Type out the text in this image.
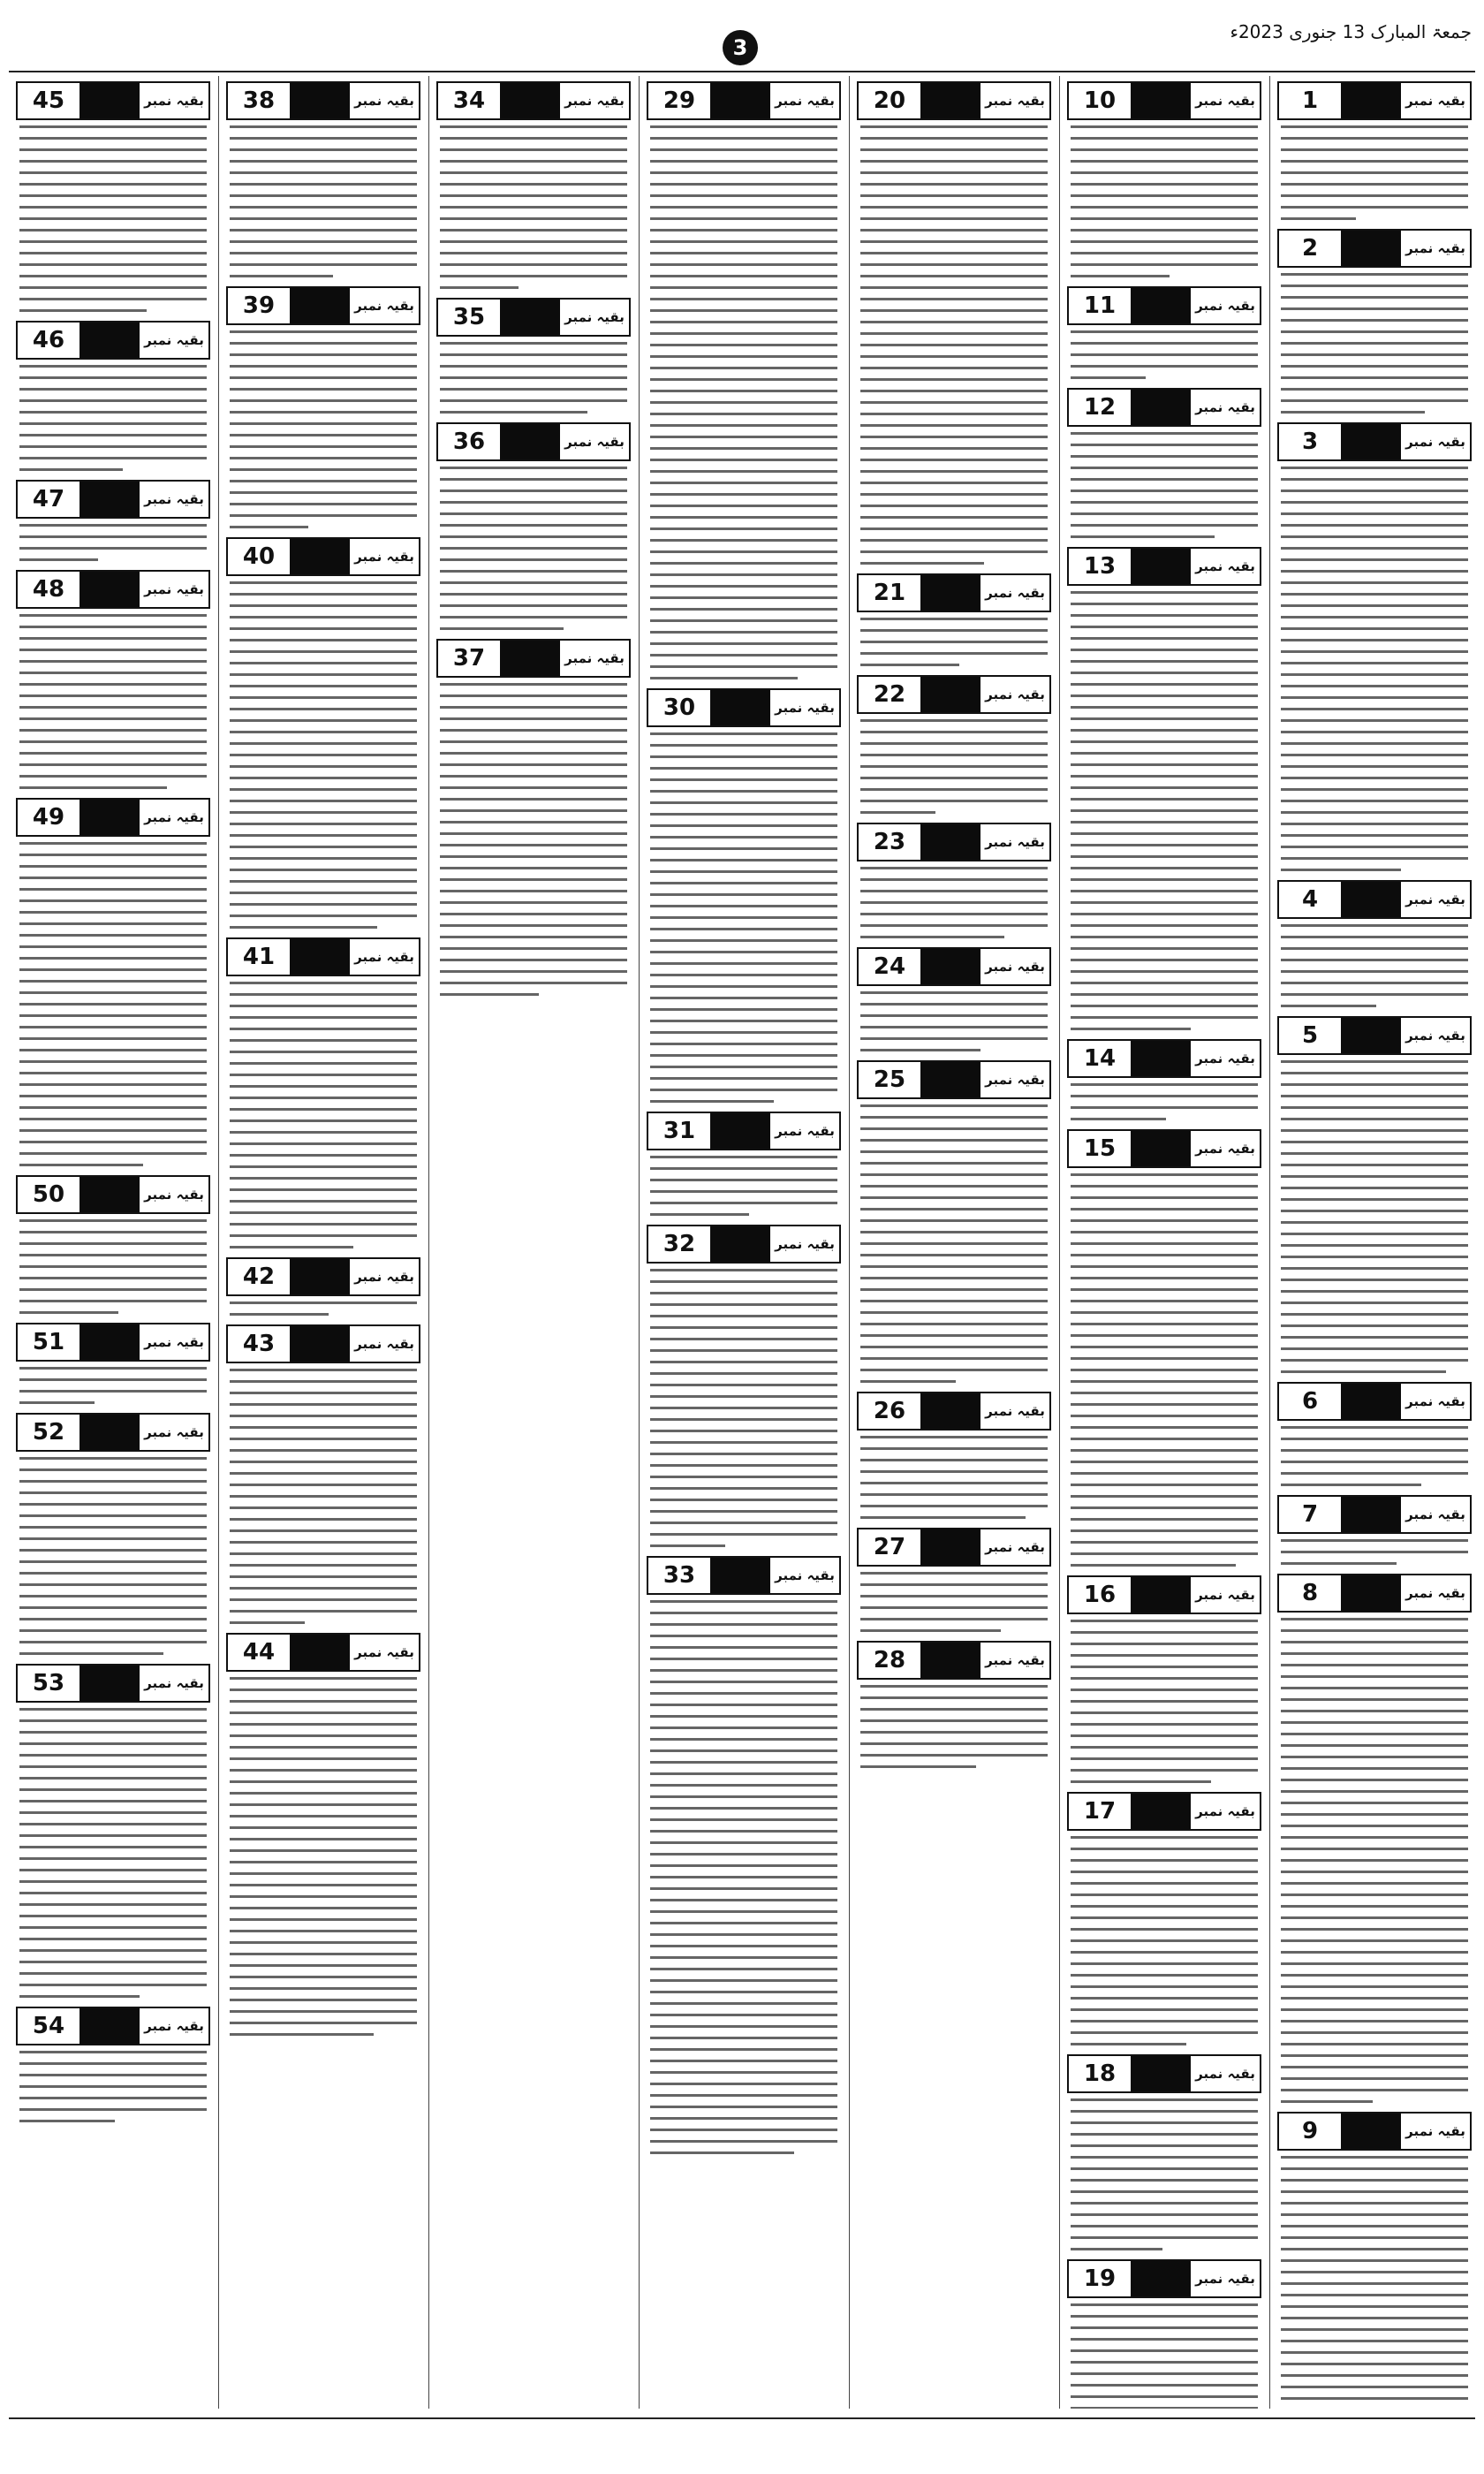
جمعۃ المبارک 13 جنوری 2023ء
3
1	بقیہ نمبر
2	بقیہ نمبر
3	بقیہ نمبر
4	بقیہ نمبر
5	بقیہ نمبر
6	بقیہ نمبر
7	بقیہ نمبر
8	بقیہ نمبر
9	بقیہ نمبر
10	بقیہ نمبر
11	بقیہ نمبر
12	بقیہ نمبر
13	بقیہ نمبر
14	بقیہ نمبر
15	بقیہ نمبر
16	بقیہ نمبر
17	بقیہ نمبر
18	بقیہ نمبر
19	بقیہ نمبر
20	بقیہ نمبر
21	بقیہ نمبر
22	بقیہ نمبر
23	بقیہ نمبر
24	بقیہ نمبر
25	بقیہ نمبر
26	بقیہ نمبر
27	بقیہ نمبر
28	بقیہ نمبر
29	بقیہ نمبر
30	بقیہ نمبر
31	بقیہ نمبر
32	بقیہ نمبر
33	بقیہ نمبر
34	بقیہ نمبر
35	بقیہ نمبر
36	بقیہ نمبر
37	بقیہ نمبر
38	بقیہ نمبر
39	بقیہ نمبر
40	بقیہ نمبر
41	بقیہ نمبر
42	بقیہ نمبر
43	بقیہ نمبر
44	بقیہ نمبر
45	بقیہ نمبر
46	بقیہ نمبر
47	بقیہ نمبر
48	بقیہ نمبر
49	بقیہ نمبر
50	بقیہ نمبر
51	بقیہ نمبر
52	بقیہ نمبر
53	بقیہ نمبر
54	بقیہ نمبر
